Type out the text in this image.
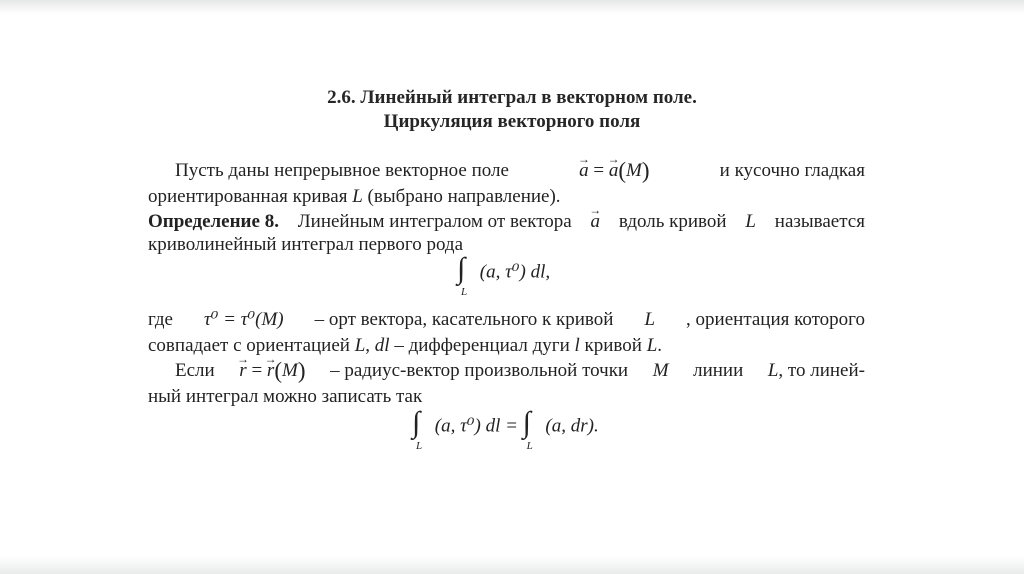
2.6. Линейный интеграл в векторном поле.
Циркуляция векторного поля
Пусть даны непрерывное векторное поле	→ a = → a(M)	и кусочно гладкая
ориентированная кривая L (выбрано направление).
Определение 8. Линейным интегралом от вектора → a вдоль кривой L называется
криволинейный интеграл первого рода
∫
L
(a, τ⁰) dl,
где τ⁰ = τ⁰(M) – орт вектора, касательного к кривой L , ориентация которого
совпадает с ориентацией L, dl – дифференциал дуги l кривой L.
Если → r = → r(M) – радиус-вектор произвольной точки M линии L, то линей-
ный интеграл можно записать так
∫
L
(a, τ⁰) dl = ∫
L
(a, dr).
